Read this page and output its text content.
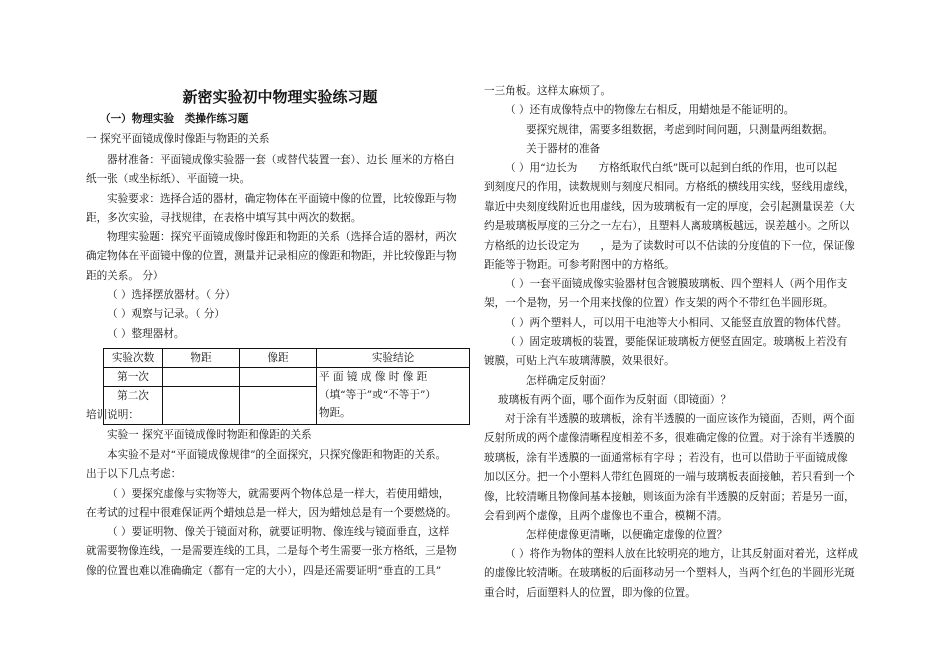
新密实验初中物理实验练习题

（一）物理实验　类操作练习题

一 探究平面镜成像时像距与物距的关系

器材准备：平面镜成像实验器一套（或替代装置一套）、边长 厘米的方格白

纸一张（或坐标纸）、平面镜一块。

实验要求：选择合适的器材，确定物体在平面镜中像的位置，比较像距与物

距，多次实验，寻找规律，在表格中填写其中两次的数据。

物理实验题：探究平面镜成像时像距和物距的关系（选择合适的器材，两次

确定物体在平面镜中像的位置，测量并记录相应的像距和物距，并比较像距与物

距的关系。 分）

（ ）选择摆放器材。（ 分）

（ ）观察与记录。（ 分）

（ ）整理器材。

实验次数	物距	像距	实验结论
第一次			平 面 镜 成 像 时 像 距
（填“等于”或“不等于”）
物距。

第二次			

培训说明：

实验一 探究平面镜成像时物距和像距的关系

本实验不是对“平面镜成像规律”的全面探究，只探究像距和物距的关系。

出于以下几点考虑：

（ ）要探究虚像与实物等大，就需要两个物体总是一样大，若使用蜡烛，

在考试的过程中很难保证两个蜡烛总是一样大，因为蜡烛总是有一个要燃烧的。

（ ）要证明物、像关于镜面对称，就要证明物、像连线与镜面垂直，这样

就需要物像连线，一是需要连线的工具，二是每个考生需要一张方格纸，三是物

像的位置也难以准确确定（都有一定的大小），四是还需要证明“垂直的工具”

一三角板。这样太麻烦了。

（ ）还有成像特点中的物像左右相反，用蜡烛是不能证明的。

要探究规律，需要多组数据，考虑到时间问题，只测量两组数据。

关于器材的准备

（ ）用“边长为　　方格纸取代白纸”既可以起到白纸的作用，也可以起

到刻度尺的作用，读数规则与刻度尺相同。方格纸的横线用实线，竖线用虚线，

靠近中央刻度线附近也用虚线，因为玻璃板有一定的厚度，会引起测量误差（大

约是玻璃板厚度的三分之一左右），且塑料人离玻璃板越远，误差越小。之所以

方格纸的边长设定为　　，是为了读数时可以不估读的分度值的下一位，保证像

距能等于物距。可参考附图中的方格纸。

（ ）一套平面镜成像实验器材包含镀膜玻璃板、四个塑料人（两个用作支

架，一个是物，另一个用来找像的位置）作支架的两个不带红色半圆形斑。

（ ）两个塑料人，可以用干电池等大小相同、又能竖直放置的物体代替。

（ ）固定玻璃板的装置，要能保证玻璃板方便竖直固定。玻璃板上若没有

镀膜，可贴上汽车玻璃薄膜，效果很好。

怎样确定反射面？

玻璃板有两个面，哪个面作为反射面（即镜面）？

对于涂有半透膜的玻璃板，涂有半透膜的一面应该作为镜面，否则，两个面

反射所成的两个虚像清晰程度相差不多，很难确定像的位置。对于涂有半透膜的

玻璃板，涂有半透膜的一面通常标有字母 ；若没有，也可以借助于平面镜成像

加以区分。把一个小塑料人带红色圆斑的一端与玻璃板表面接触，若只看到一个

像，比较清晰且物像间基本接触，则该面为涂有半透膜的反射面；若是另一面，

会看到两个虚像，且两个虚像也不重合，模糊不清。

怎样使虚像更清晰，以便确定虚像的位置？

（ ）将作为物体的塑料人放在比较明亮的地方，让其反射面对着光，这样成

的虚像比较清晰。在玻璃板的后面移动另一个塑料人，当两个红色的半圆形光斑

重合时，后面塑料人的位置，即为像的位置。
